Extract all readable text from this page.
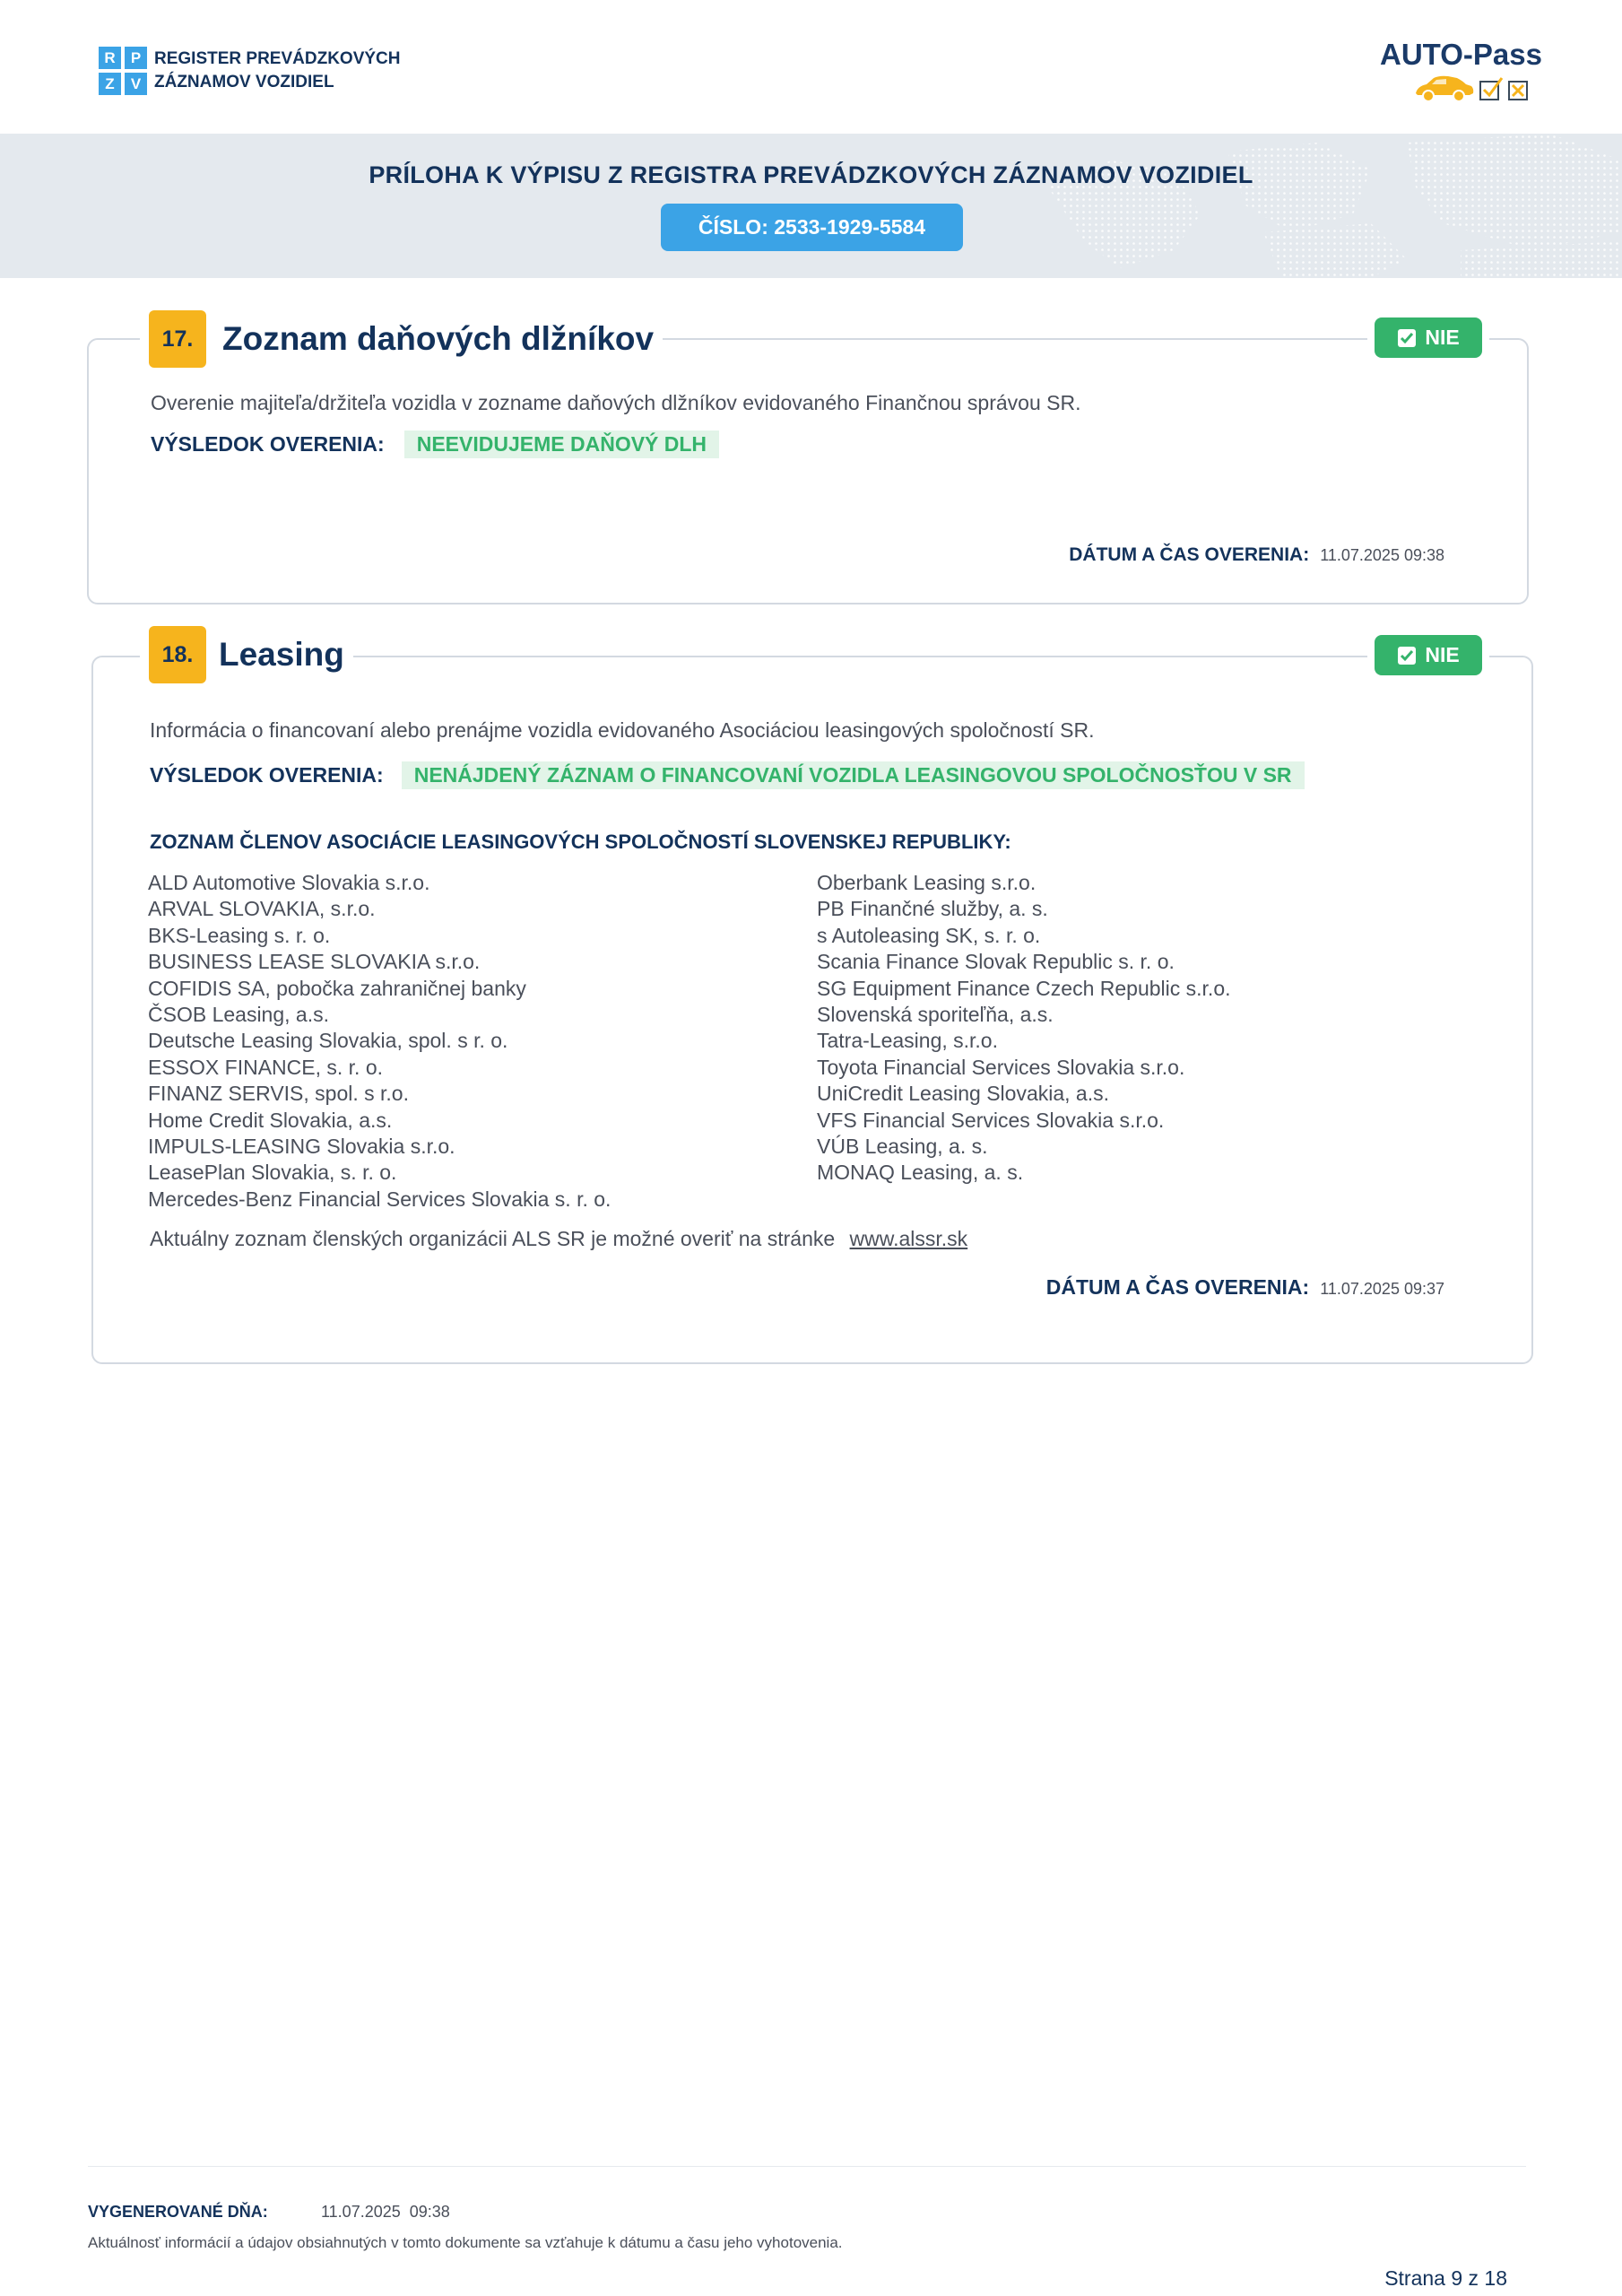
R	P
Z	V
REGISTER PREVÁDZKOVÝCH
ZÁZNAMOV VOZIDIEL
AUTO-Pass
PRÍLOHA K VÝPISU Z REGISTRA PREVÁDZKOVÝCH ZÁZNAMOV VOZIDIEL
ČÍSLO: 2533-1929-5584
17. Zoznam daňových dlžníkov	NIE
Overenie majiteľa/držiteľa vozidla v zozname daňových dlžníkov evidovaného Finančnou správou SR.
VÝSLEDOK OVERENIA:	NEEVIDUJEME DAŇOVÝ DLH
DÁTUM A ČAS OVERENIA: 11.07.2025 09:38
18. Leasing	NIE
Informácia o financovaní alebo prenájme vozidla evidovaného Asociáciou leasingových spoločností SR.
VÝSLEDOK OVERENIA:	NENÁJDENÝ ZÁZNAM O FINANCOVANÍ VOZIDLA LEASINGOVOU SPOLOČNOSŤOU V SR
ZOZNAM ČLENOV ASOCIÁCIE LEASINGOVÝCH SPOLOČNOSTÍ SLOVENSKEJ REPUBLIKY:
ALD Automotive Slovakia s.r.o.
ARVAL SLOVAKIA, s.r.o.
BKS-Leasing s. r. o.
BUSINESS LEASE SLOVAKIA s.r.o.
COFIDIS SA, pobočka zahraničnej banky
ČSOB Leasing, a.s.
Deutsche Leasing Slovakia, spol. s r. o.
ESSOX FINANCE, s. r. o.
FINANZ SERVIS, spol. s r.o.
Home Credit Slovakia, a.s.
IMPULS-LEASING Slovakia s.r.o.
LeasePlan Slovakia, s. r. o.
Mercedes-Benz Financial Services Slovakia s. r. o.
Oberbank Leasing s.r.o.
PB Finančné služby, a. s.
s Autoleasing SK, s. r. o.
Scania Finance Slovak Republic s. r. o.
SG Equipment Finance Czech Republic s.r.o.
Slovenská sporiteľňa, a.s.
Tatra-Leasing, s.r.o.
Toyota Financial Services Slovakia s.r.o.
UniCredit Leasing Slovakia, a.s.
VFS Financial Services Slovakia s.r.o.
VÚB Leasing, a. s.
MONAQ Leasing, a. s.
Aktuálny zoznam členských organizácii ALS SR je možné overiť na stránke www.alssr.sk
DÁTUM A ČAS OVERENIA: 11.07.2025 09:37
VYGENEROVANÉ DŇA:	11.07.2025  09:38
Aktuálnosť informácií a údajov obsiahnutých v tomto dokumente sa vzťahuje k dátumu a času jeho vyhotovenia.
Strana 9 z 18
